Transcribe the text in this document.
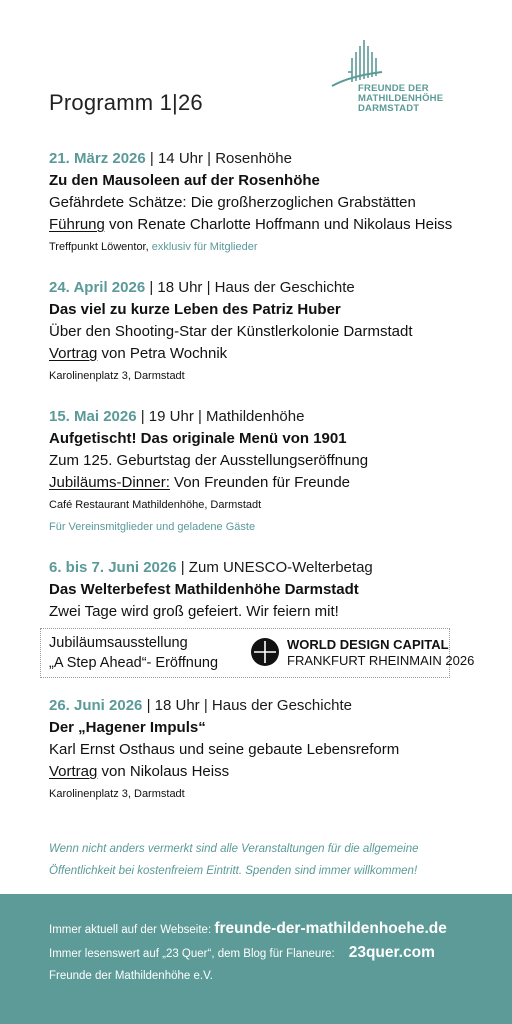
FREUNDE DER
MATHILDENHÖHE
DARMSTADT
Programm 1|26
21. März 2026 | 14 Uhr | Rosenhöhe
Zu den Mausoleen auf der Rosenhöhe
Gefährdete Schätze: Die großherzoglichen Grabstätten
Führung von Renate Charlotte Hoffmann und Nikolaus Heiss
Treffpunkt Löwentor, exklusiv für Mitglieder
24. April 2026 | 18 Uhr | Haus der Geschichte
Das viel zu kurze Leben des Patriz Huber
Über den Shooting-Star der Künstlerkolonie Darmstadt
Vortrag von Petra Wochnik
Karolinenplatz 3, Darmstadt
15. Mai 2026 | 19 Uhr | Mathildenhöhe
Aufgetischt! Das originale Menü von 1901
Zum 125. Geburtstag der Ausstellungseröffnung
Jubiläums-Dinner: Von Freunden für Freunde
Café Restaurant Mathildenhöhe, Darmstadt
Für Vereinsmitglieder und geladene Gäste
6. bis 7. Juni 2026 | Zum UNESCO-Welterbetag
Das Welterbefest Mathildenhöhe Darmstadt
Zwei Tage wird groß gefeiert. Wir feiern mit!
Jubiläumsausstellung
„A Step Ahead“- Eröffnung
WORLD DESIGN CAPITAL
FRANKFURT RHEINMAIN 2026
26. Juni 2026 | 18 Uhr | Haus der Geschichte
Der „Hagener Impuls“
Karl Ernst Osthaus und seine gebaute Lebensreform
Vortrag von Nikolaus Heiss
Karolinenplatz 3, Darmstadt
Wenn nicht anders vermerkt sind alle Veranstaltungen für die allgemeine
Öffentlichkeit bei kostenfreiem Eintritt. Spenden sind immer willkommen!
Immer aktuell auf der Webseite: freunde-der-mathildenhoehe.de
Immer lesenswert auf „23 Quer“, dem Blog für Flaneure: 23quer.com
Freunde der Mathildenhöhe e.V.
